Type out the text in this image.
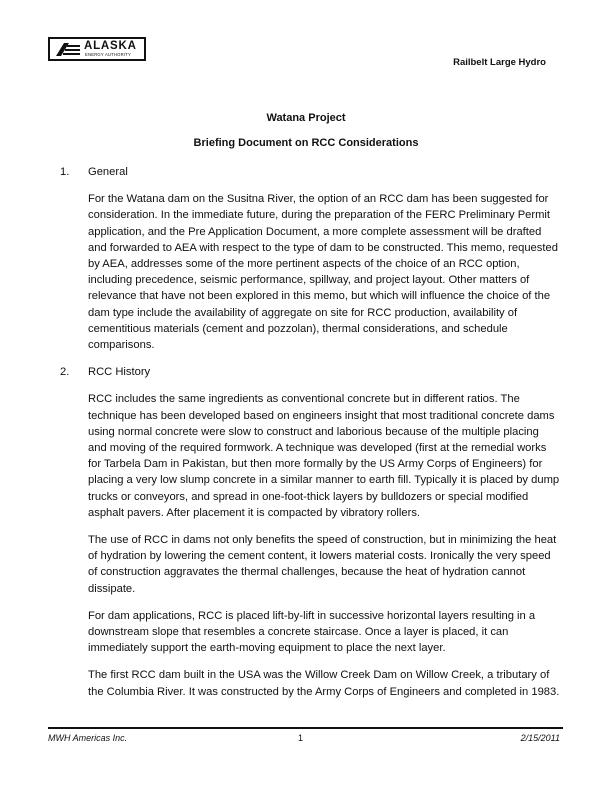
ALASKA
ENERGY AUTHORITY
Railbelt Large Hydro
Watana Project
Briefing Document on RCC Considerations
1.	General

For the Watana dam on the Susitna River, the option of an RCC dam has been suggested for consideration. In the immediate future, during the preparation of the FERC Preliminary Permit application, and the Pre Application Document, a more complete assessment will be drafted and forwarded to AEA with respect to the type of dam to be constructed. This memo, requested by AEA, addresses some of the more pertinent aspects of the choice of an RCC option, including precedence, seismic performance, spillway, and project layout. Other matters of relevance that have not been explored in this memo, but which will influence the choice of the dam type include the availability of aggregate on site for RCC production, availability of cementitious materials (cement and pozzolan), thermal considerations, and schedule comparisons.

2.	RCC History

RCC includes the same ingredients as conventional concrete but in different ratios. The technique has been developed based on engineers insight that most traditional concrete dams using normal concrete were slow to construct and laborious because of the multiple placing and moving of the required formwork. A technique was developed (first at the remedial works for Tarbela Dam in Pakistan, but then more formally by the US Army Corps of Engineers) for placing a very low slump concrete in a similar manner to earth fill. Typically it is placed by dump trucks or conveyors, and spread in one-foot-thick layers by bulldozers or special modified asphalt pavers. After placement it is compacted by vibratory rollers.

The use of RCC in dams not only benefits the speed of construction, but in minimizing the heat of hydration by lowering the cement content, it lowers material costs. Ironically the very speed of construction aggravates the thermal challenges, because the heat of hydration cannot dissipate.

For dam applications, RCC is placed lift-by-lift in successive horizontal layers resulting in a downstream slope that resembles a concrete staircase. Once a layer is placed, it can immediately support the earth-moving equipment to place the next layer.

The first RCC dam built in the USA was the Willow Creek Dam on Willow Creek, a tributary of the Columbia River. It was constructed by the Army Corps of Engineers and completed in 1983.

MWH Americas Inc.	1	2/15/2011
